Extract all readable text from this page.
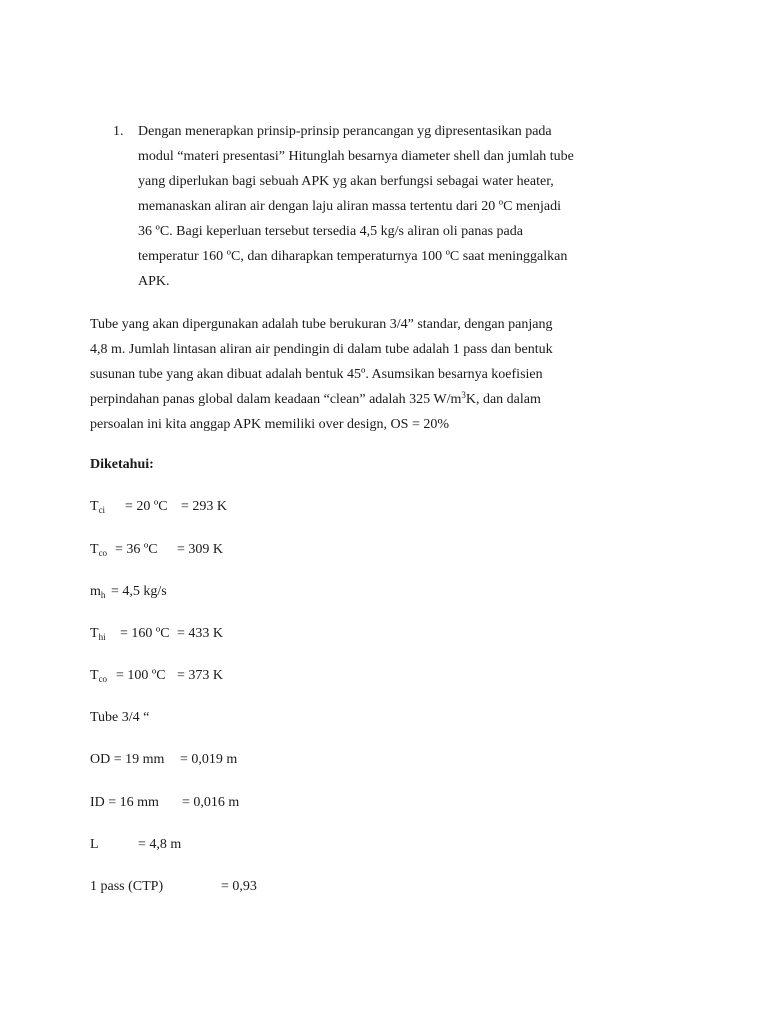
1. Dengan menerapkan prinsip-prinsip perancangan yg dipresentasikan pada
modul “materi presentasi” Hitunglah besarnya diameter shell dan jumlah tube
yang diperlukan bagi sebuah APK yg akan berfungsi sebagai water heater,
memanaskan aliran air dengan laju aliran massa tertentu dari 20 ºC menjadi
36 ºC. Bagi keperluan tersebut tersedia 4,5 kg/s aliran oli panas pada
temperatur 160 ºC, dan diharapkan temperaturnya 100 ºC saat meninggalkan
APK.
Tube yang akan dipergunakan adalah tube berukuran 3/4” standar, dengan panjang
4,8 m. Jumlah lintasan aliran air pendingin di dalam tube adalah 1 pass dan bentuk
susunan tube yang akan dibuat adalah bentuk 45º. Asumsikan besarnya koefisien
perpindahan panas global dalam keadaan “clean” adalah 325 $W/m^3K$, dan dalam
persoalan ini kita anggap APK memiliki over design, OS = 20%
Diketahui:
$T_{ci} = 20$ ºC = 293 K
$T_{co} = 36$ ºC = 309 K
$m_h = 4,5$ kg/s
$T_{hi} = 160$ ºC = 433 K
$T_{co} = 100$ ºC = 373 K
Tube 3/4 “
OD = 19 mm = 0,019 m
ID = 16 mm = 0,016 m
L	= 4,8 m
1 pass (CTP)	= 0,93
